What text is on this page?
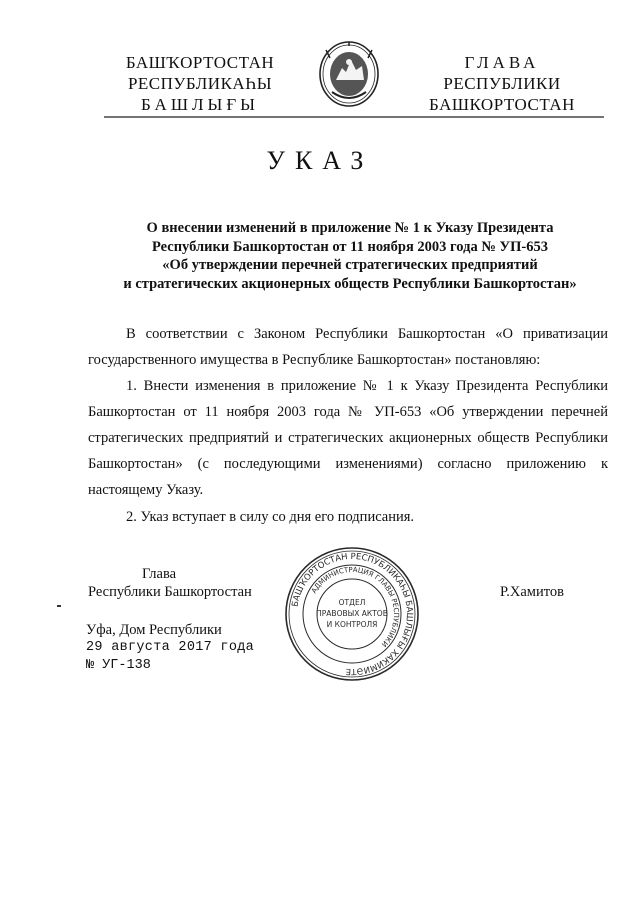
БАШҠОРТОСТАН
РЕСПУБЛИКАҺЫ
БАШЛЫҒЫ
ГЛАВА
РЕСПУБЛИКИ
БАШКОРТОСТАН
УКАЗ
О внесении изменений в приложение № 1 к Указу Президента
Республики Башкортостан от 11 ноября 2003 года № УП-653
«Об утверждении перечней стратегических предприятий
и стратегических акционерных обществ Республики Башкортостан»
В соответствии с Законом Республики Башкортостан «О приватизации государственного имущества в Республике Башкортостан» постановляю:
1. Внести изменения в приложение № 1 к Указу Президента Республики Башкортостан от 11 ноября 2003 года № УП-653 «Об утверждении перечней стратегических предприятий и стратегических акционерных обществ Республики Башкортостан» (с последующими изменениями) согласно приложению к настоящему Указу.
2. Указ вступает в силу со дня его подписания.
Глава
Республики Башкортостан	Р.Хамитов
БАШҠОРТОСТАН РЕСПУБЛИКАҺЫ БАШЛЫҒЫ ХАКИМИӘТЕ
АДМИНИСТРАЦИЯ ГЛАВЫ РЕСПУБЛИКИ
ОТДЕЛ
ПРАВОВЫХ АКТОВ
И КОНТРОЛЯ
Уфа, Дом Республики
29 августа 2017 года
№ УГ-138
